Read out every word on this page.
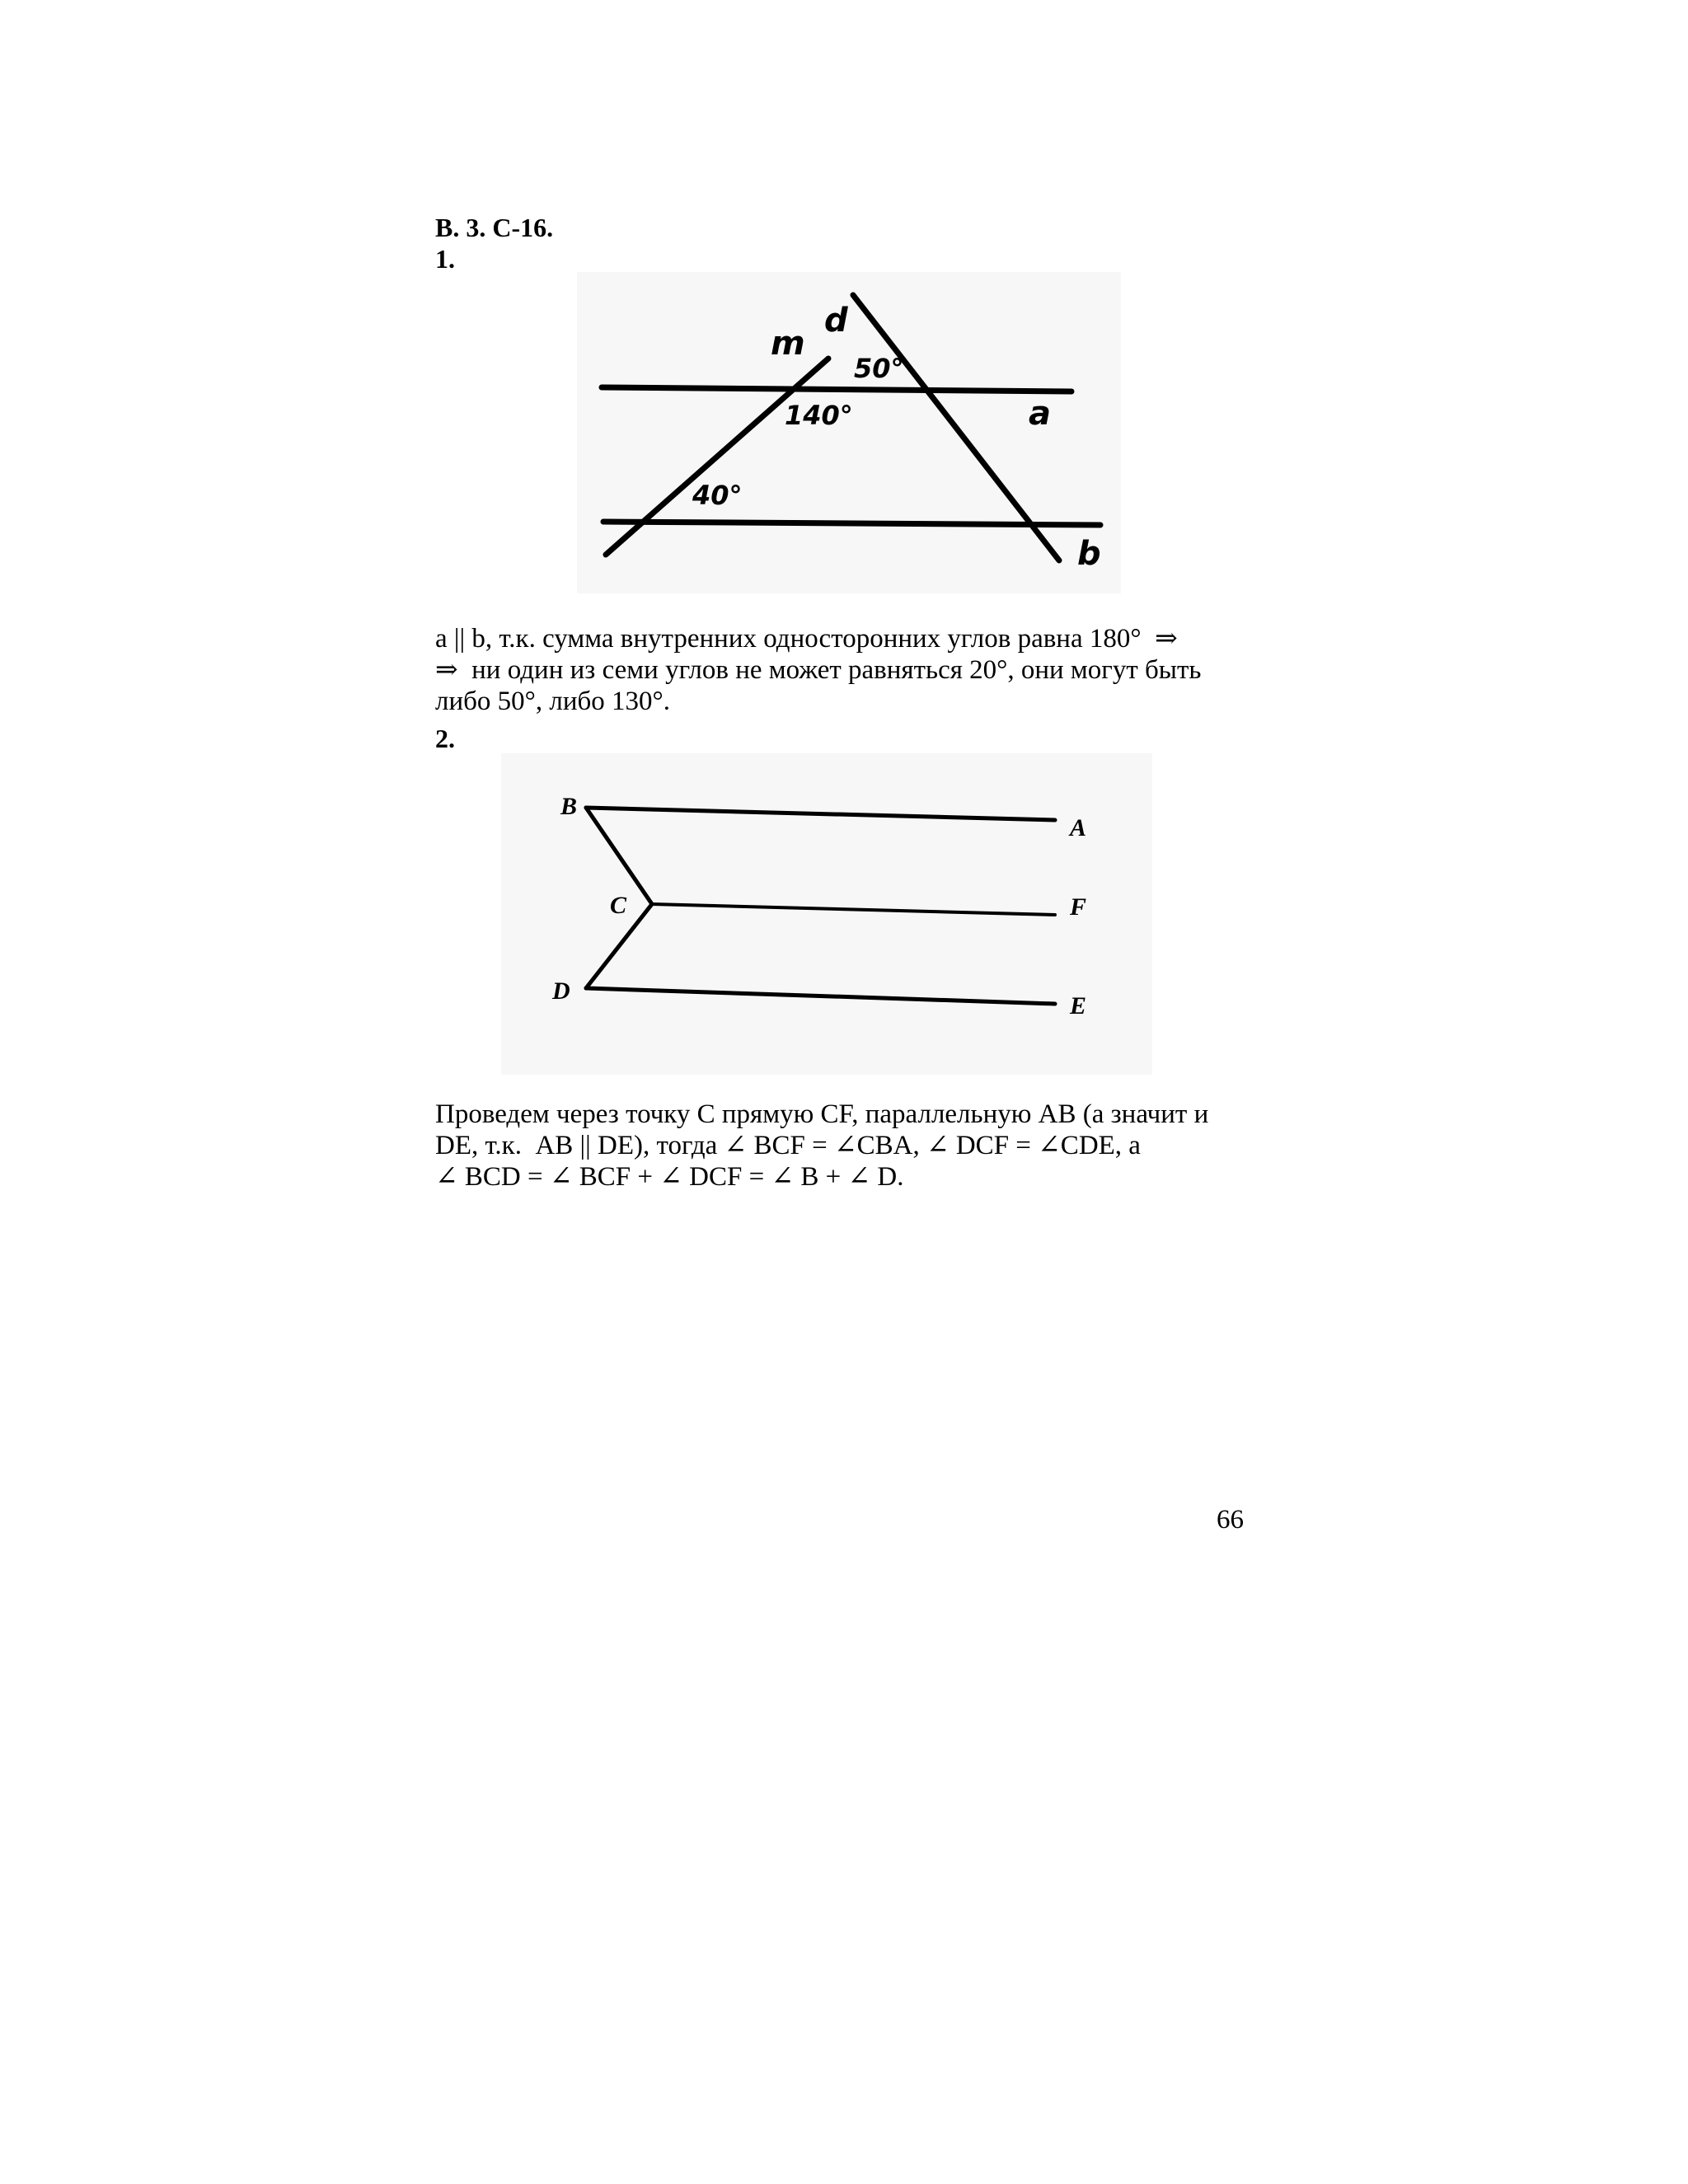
В. 3. С-16.
1.
m
d
a
b
50°
140°
40°
a || b, т.к. сумма внутренних односторонних углов равна 180°  ⇒
⇒  ни один из семи углов не может равняться 20°, они могут быть
либо 50°, либо 130°.
2.
B
A
C	F
D
E
Проведем через точку C прямую CF, параллельную AB (а значит и
DE, т.к.  AB || DE), тогда ∠ BCF = ∠CBA, ∠ DCF = ∠CDE, а
∠ BCD = ∠ BCF + ∠ DCF = ∠ B + ∠ D.
66
